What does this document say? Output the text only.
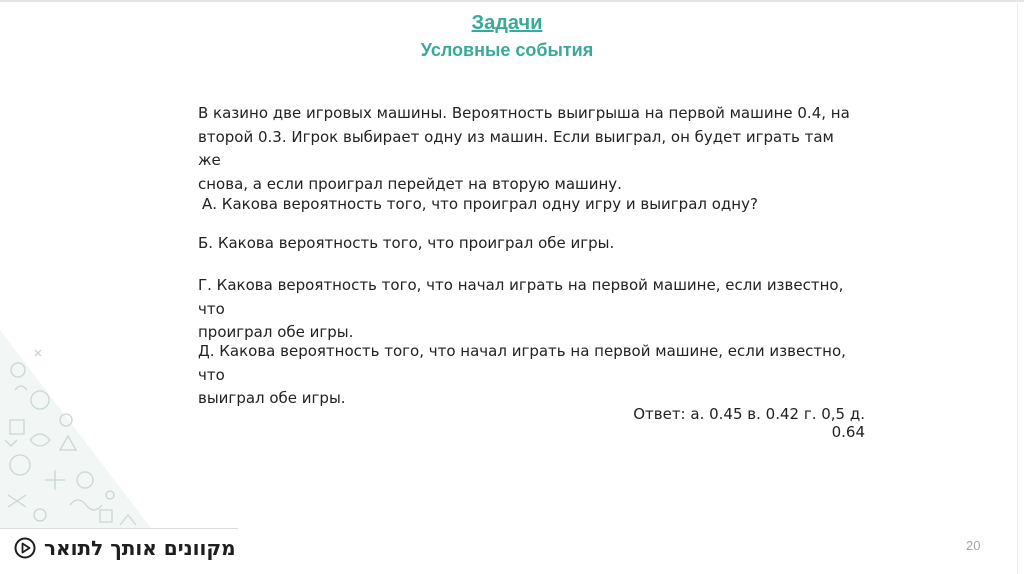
Задачи
Условные события
В казино две игровых машины. Вероятность выигрыша на первой машине 0.4, на
второй 0.3. Игрок выбирает одну из машин. Если выиграл, он будет играть там же
снова, а если проиграл перейдет на вторую машину.
А. Какова вероятность того, что проиграл одну игру и выиграл одну?
Б. Какова вероятность того, что проиграл обе игры.
Г. Какова вероятность того, что начал играть на первой машине, если известно, что
проиграл обе игры.
Д. Какова вероятность того, что начал играть на первой машине, если известно, что
выиграл обе игры.
Ответ: а. 0.45 в. 0.42 г. 0,5 д. 0.64
מקוונים אותך לתואר	20
